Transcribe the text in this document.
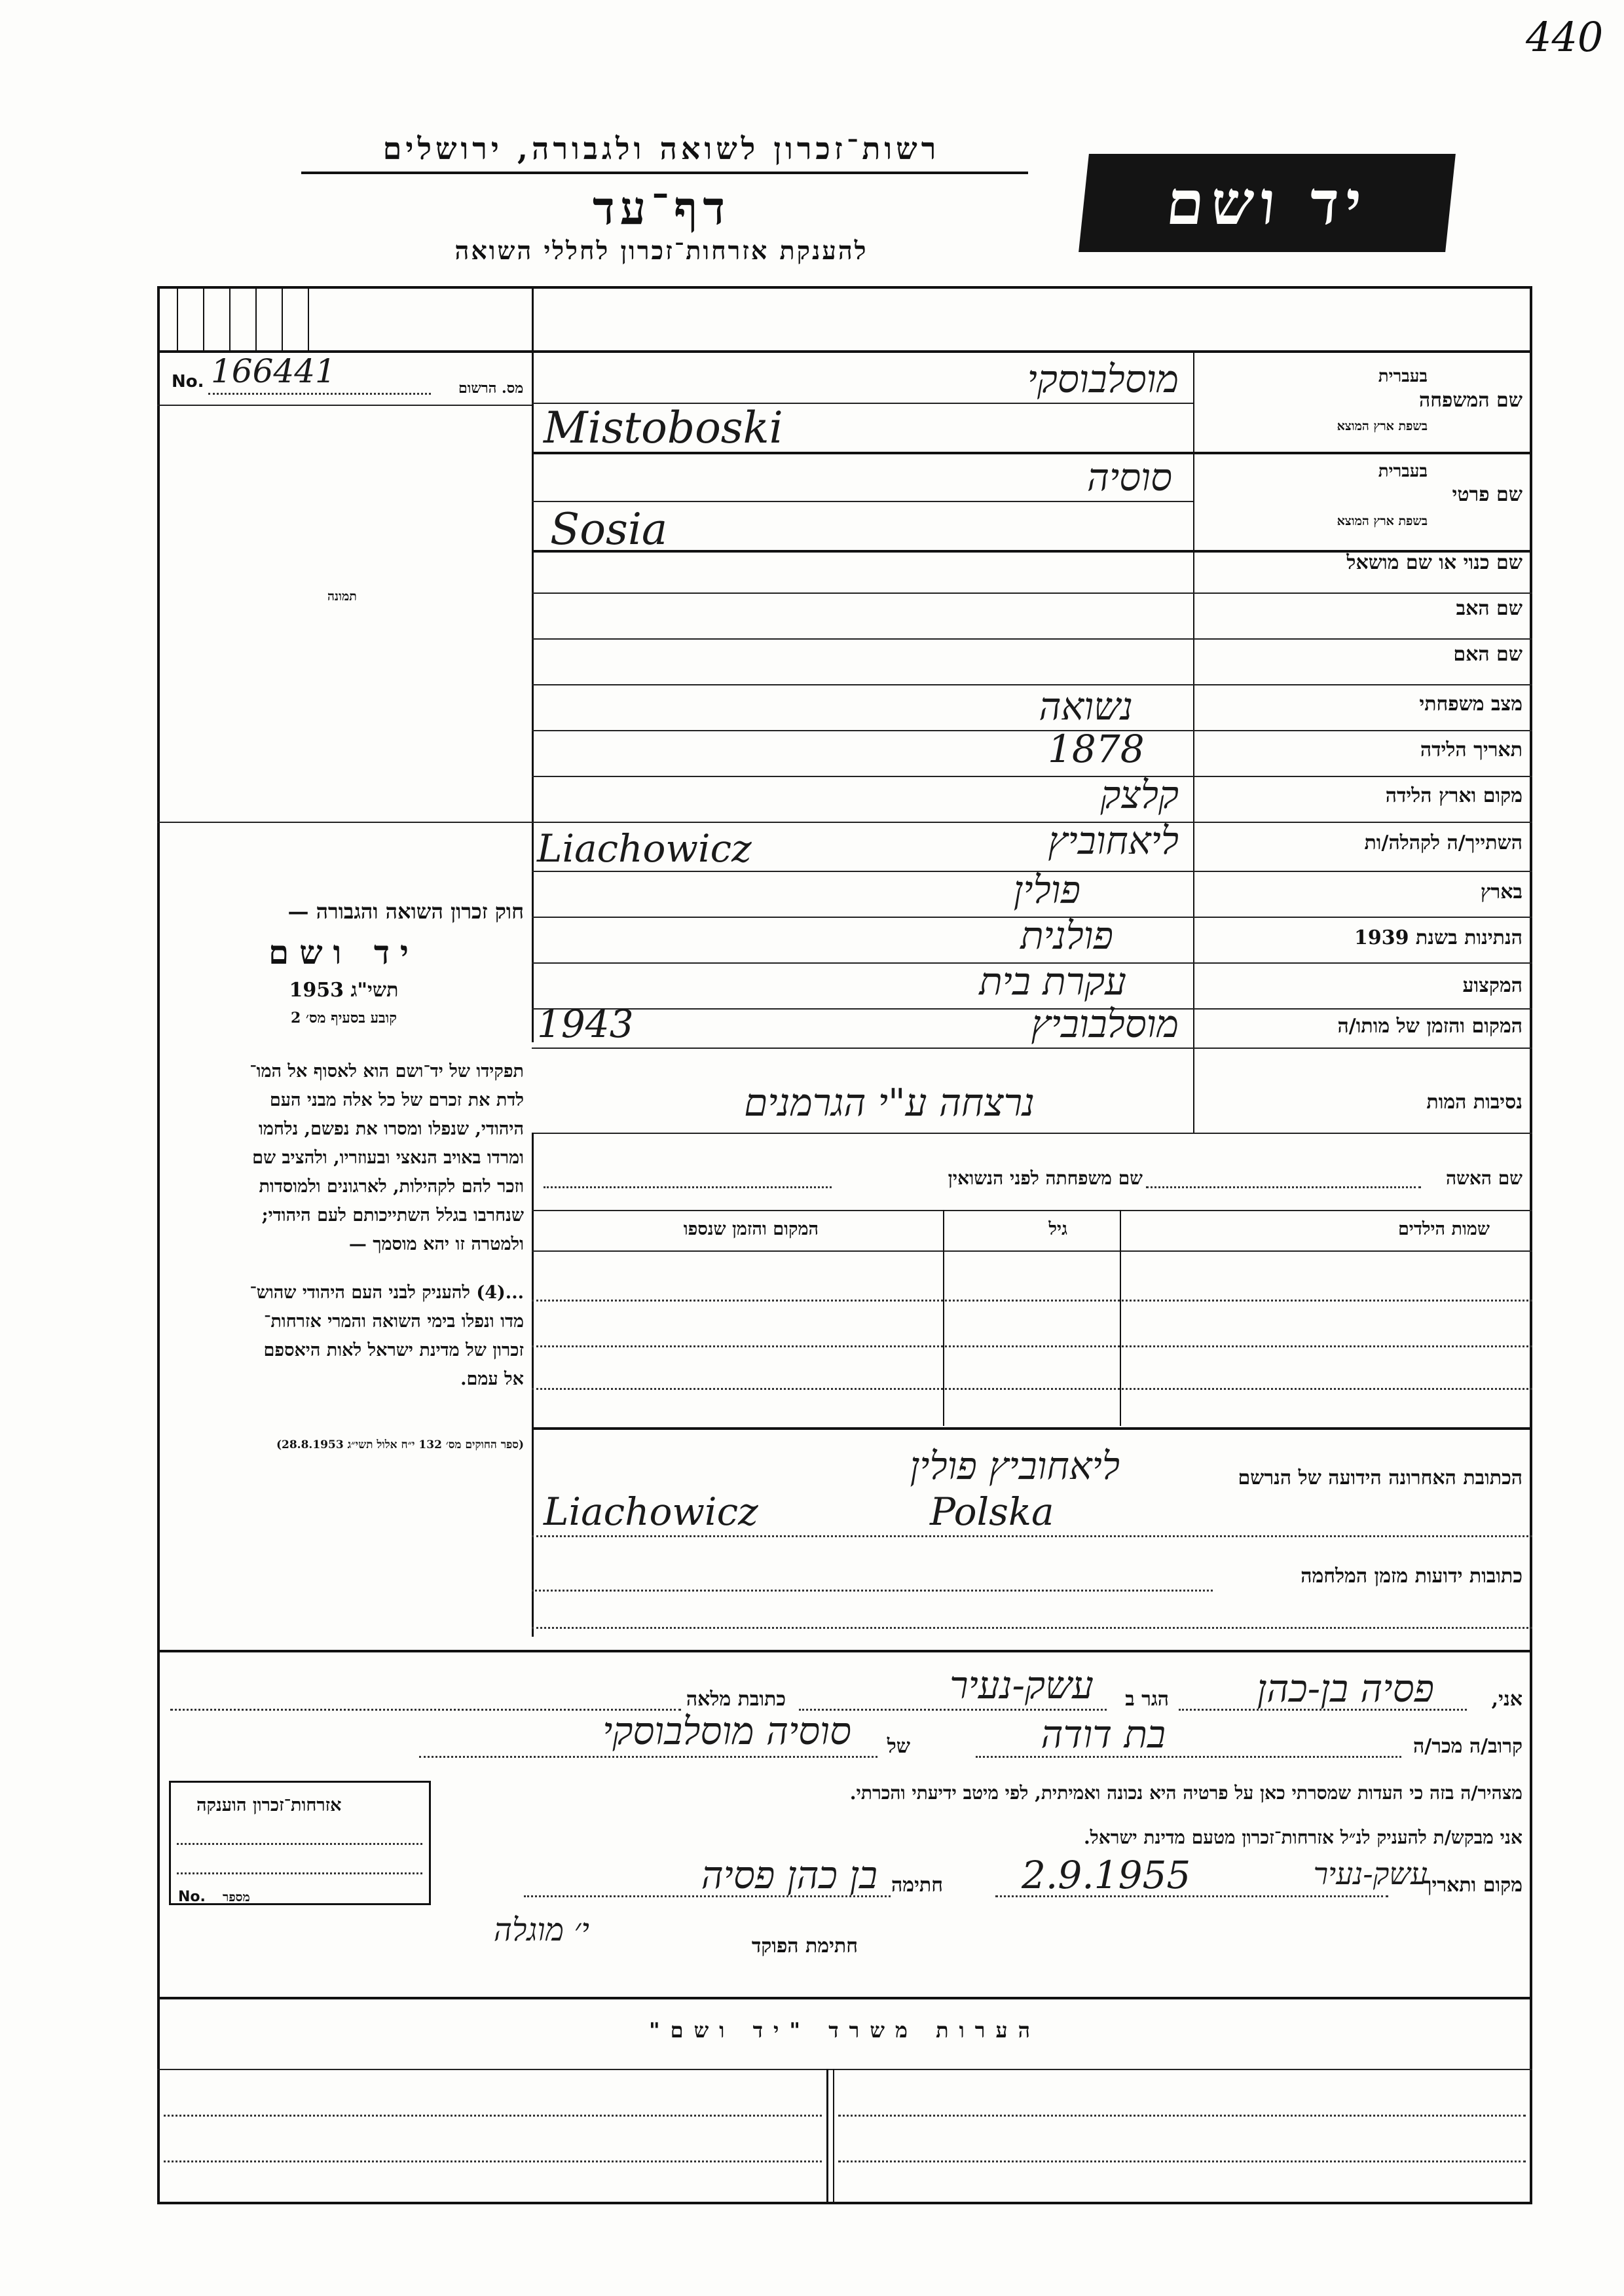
440
רשות־זכרון לשואה ולגבורה, ירושלים
דף־עד
להענקת אזרחות־זכרון לחללי השואה
יד ושם
No. 166441	מס. הרשום
תמונה
שם המשפחה
בעברית
בשפת ארץ המוצא
מוסלבוסקי
Mistoboski
שם פרטי
בעברית
בשפת ארץ המוצא
סוסיה
Sosia
שם כנוי או שם מושאל
שם האב
שם האם
מצב משפחתי
נשואה
תאריך הלידה
1878
מקום וארץ הלידה
קלצק
השתייך/ה לקהלה/ות
ליאחוביץ
Liachowicz
בארץ
פולין
הנתינות בשנת 1939
פולנית
המקצוע
עקרת בית
המקום והזמן של מותו/ה
מוסלבוביץ
1943
נסיבות המות
נרצחה ע"י הגרמנים
חוק זכרון השואה והגבורה —
יד ושם
תשי"ג 1953
קובע בסעיף מס׳ 2
תפקידו של יד־ושם הוא לאסוף אל המו־
לדת את זכרם של כל אלה מבני העם
היהודי, שנפלו ומסרו את נפשם, נלחמו
ומרדו באויב הנאצי ובעוזריו, ולהציב שם
וזכר להם לקהילות, לארגונים ולמוסדות
שנחרבו בגלל השתייכותם לעם היהודי;
ולמטרה זו יהא מוסמך —
...(4) להעניק לבני העם היהודי שהוש־
מדו ונפלו בימי השואה והמרי אזרחות־
זכרון של מדינת ישראל לאות היאספם
אל עמם.
(ספר החוקים מס׳ 132 י״ח אלול תשי״ג 28.8.1953)
שם האשה
שם משפחתה לפני הנשואין
שמות הילדים
גיל
המקום והזמן שנספו
הכתובת האחרונה הידועה של הנרשם
ליאחוביץ פולין
Liachowicz	Polska
כתובות ידועות מזמן המלחמה
אני,
פסיה בן-כהן
הגר ב
עשק-נעיר
כתובת מלאה
קרוב/ה מכר/ה
בת דודה
של
סוסיה מוסלבוסקי
מצהיר/ה בזה כי העדות שמסרתי כאן על פרטיה היא נכונה ואמיתית, לפי מיטב ידיעתי והכרתי.
אני מבקש/ת להעניק לנ״ל אזרחות־זכרון מטעם מדינת ישראל.
מקום ותאריך
עשק-נעיר
2.9.1955
חתימה
בן כהן פסיה
חתימת הפוקד
י׳ מוגלה
אזרחות־זכרון הוענקה
No. מספר
הערות משרד "יד ושם"
